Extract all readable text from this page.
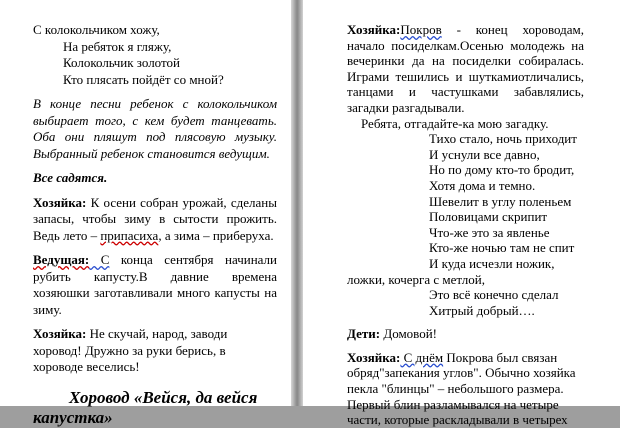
С колокольчиком хожу,
На ребяток я гляжу,
Колокольчик золотой
Кто плясать пойдёт со мной?

В конце песни ребенок с колокольчиком выбирает того, с кем будет танцевать. Оба они пляшут под плясовую музыку. Выбранный ребенок становится ведущим.

Все садятся.

Хозяйка: К осени собран урожай, сделаны запасы, чтобы зиму в сытости прожить. Ведь лето – припасиха, а зима – приберуха.

Ведущая: С конца сентября начинали рубить капусту.В давние времена хозяюшки заготавливали много капусты на зиму.

Хозяйка: Не скучай, народ, заводи хоровод! Дружно за руки берись, в хороводе веселись!

Хоровод «Вейся, да вейся капустка»

Хозяйка:Покров - конец хороводам, начало посиделкам.Осенью молодежь на вечеринки да на посиделки собиралась. Играми тешились и шуткамиотличались, танцами и частушками забавлялись, загадки разгадывали.

Ребята, отгадайте-ка мою загадку.

Тихо стало, ночь приходит
И уснули все давно,
Но по дому кто-то бродит,
Хотя дома и темно.
Шевелит в углу поленьем
Половицами скрипит
Что-же это за явленье
Кто-же ночью там не спит
И куда исчезли ножик,

ложки, кочерга с метлой,

Это всё конечно сделал
Хитрый добрый….

Дети: Домовой!

Хозяйка: С днём Покрова был связан обряд"запекания углов". Обычно хозяйка пекла "блинцы" – небольшого размера. Первый блин разламывался на четыре части, которые раскладывали в четырех
